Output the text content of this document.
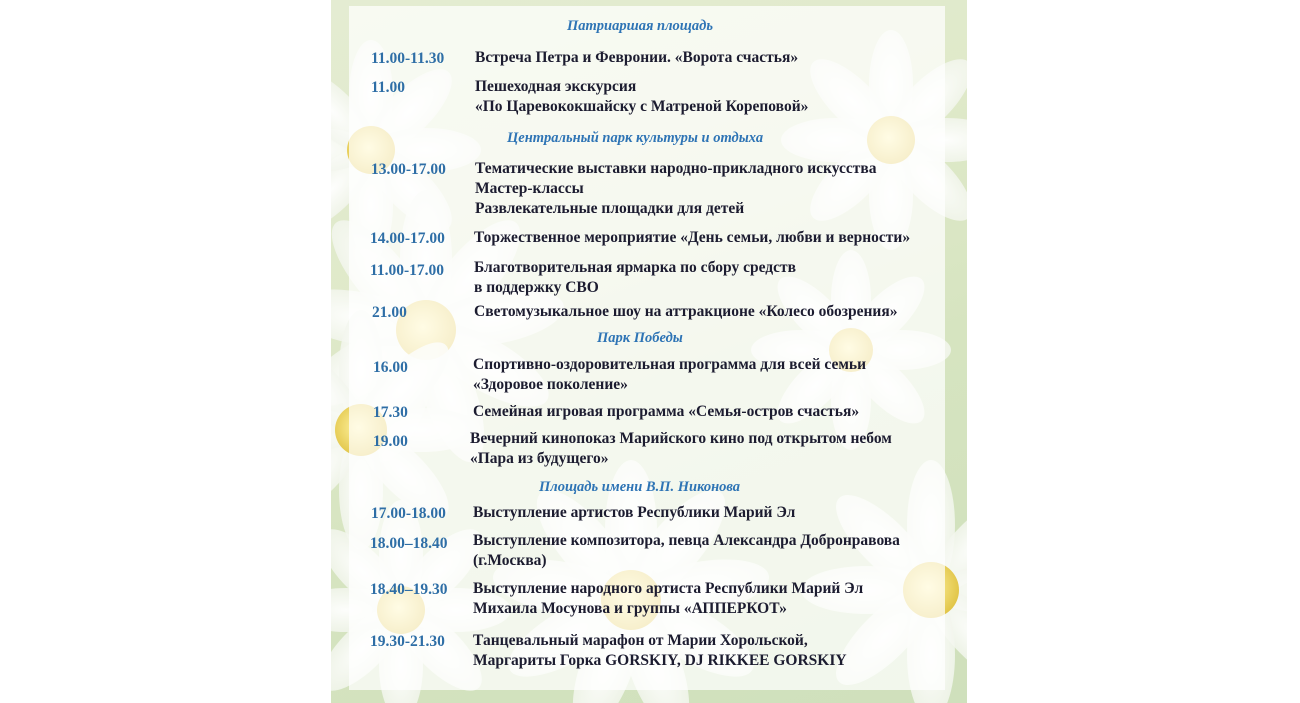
Патриаршая площадь
11.00-11.30 Встреча Петра и Февронии. «Ворота счастья»
11.00	Пешеходная экскурсия
«По Царевококшайску с Матреной Кореповой»
Центральный парк культуры и отдыха
13.00-17.00 Тематические выставки народно-прикладного искусства
Мастер-классы
Развлекательные площадки для детей
14.00-17.00 Торжественное мероприятие «День семьи, любви и верности»
11.00-17.00 Благотворительная ярмарка по сбору средств
в поддержку СВО
21.00	Светомузыкальное шоу на аттракционе «Колесо обозрения»
Парк Победы
16.00	Спортивно-оздоровительная программа для всей семьи
«Здоровое поколение»
17.30	Семейная игровая программа «Семья-остров счастья»
19.00	Вечерний кинопоказ Марийского кино под открытом небом
«Пара из будущего»
Площадь имени В.П. Никонова
17.00-18.00 Выступление артистов Республики Марий Эл
18.00–18.40 Выступление композитора, певца Александра Добронравова
(г.Москва)
18.40–19.30 Выступление народного артиста Республики Марий Эл
Михаила Мосунова и группы «АППЕРКОТ»
19.30-21.30 Танцевальный марафон от Марии Хорольской,
Маргариты Горка GORSKIY, DJ RIKKEE GORSKIY
